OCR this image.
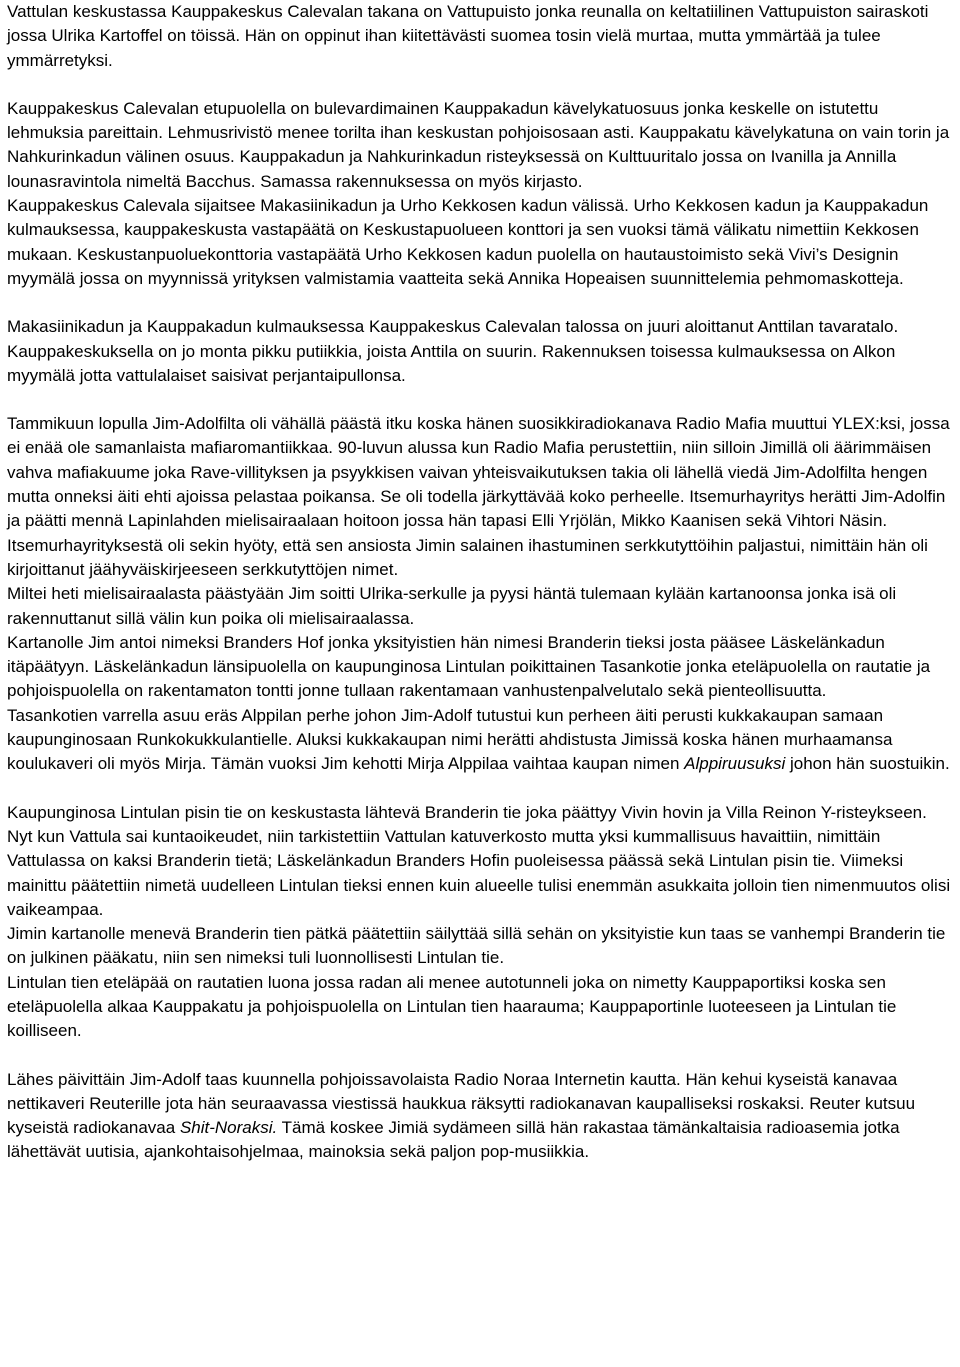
Vattulan keskustassa Kauppakeskus Calevalan takana on Vattupuisto jonka reunalla on keltatiilinen Vattupuiston sairaskoti jossa Ulrika Kartoffel on töissä. Hän on oppinut ihan kiitettävästi suomea tosin vielä murtaa, mutta ymmärtää ja tulee ymmärretyksi.

Kauppakeskus Calevalan etupuolella on bulevardimainen Kauppakadun kävelykatuosuus jonka keskelle on istutettu lehmuksia pareittain. Lehmusrivistö menee torilta ihan keskustan pohjoisosaan asti. Kauppakatu kävelykatuna on vain torin ja Nahkurinkadun välinen osuus. Kauppakadun ja Nahkurinkadun risteyksessä on Kulttuuritalo jossa on Ivanilla ja Annilla lounasravintola nimeltä Bacchus. Samassa rakennuksessa on myös kirjasto.

Kauppakeskus Calevala sijaitsee Makasiinikadun ja Urho Kekkosen kadun välissä. Urho Kekkosen kadun ja Kauppakadun kulmauksessa, kauppakeskusta vastapäätä on Keskustapuolueen konttori ja sen vuoksi tämä välikatu nimettiin Kekkosen mukaan. Keskustanpuoluekonttoria vastapäätä Urho Kekkosen kadun puolella on hautaustoimisto sekä Vivi’s Designin myymälä jossa on myynnissä yrityksen valmistamia vaatteita sekä Annika Hopeaisen suunnittelemia pehmomaskotteja.

Makasiinikadun ja Kauppakadun kulmauksessa Kauppakeskus Calevalan talossa on juuri aloittanut Anttilan tavaratalo. Kauppakeskuksella on jo monta pikku putiikkia, joista Anttila on suurin. Rakennuksen toisessa kulmauksessa on Alkon myymälä jotta vattulalaiset saisivat perjantaipullonsa.

Tammikuun lopulla Jim-Adolfilta oli vähällä päästä itku koska hänen suosikkiradiokanava Radio Mafia muuttui YLEX:ksi, jossa ei enää ole samanlaista mafiaromantiikkaa. 90-luvun alussa kun Radio Mafia perustettiin, niin silloin Jimillä oli äärimmäisen vahva mafiakuume joka Rave-villityksen ja psyykkisen vaivan yhteisvaikutuksen takia oli lähellä viedä Jim-Adolfilta hengen mutta onneksi äiti ehti ajoissa pelastaa poikansa. Se oli todella järkyttävää koko perheelle. Itsemurhayritys herätti Jim-Adolfin ja päätti mennä Lapinlahden mielisairaalaan hoitoon jossa hän tapasi Elli Yrjölän, Mikko Kaanisen sekä Vihtori Näsin.

Itsemurhayrityksestä oli sekin hyöty, että sen ansiosta Jimin salainen ihastuminen serkkutyttöihin paljastui, nimittäin hän oli kirjoittanut jäähyväiskirjeeseen serkkutyttöjen nimet.

Miltei heti mielisairaalasta päästyään Jim soitti Ulrika-serkulle ja pyysi häntä tulemaan kylään kartanoonsa jonka isä oli rakennuttanut sillä välin kun poika oli mielisairaalassa.

Kartanolle Jim antoi nimeksi Branders Hof jonka yksityistien hän nimesi Branderin tieksi josta pääsee Läskelänkadun itäpäätyyn. Läskelänkadun länsipuolella on kaupunginosa Lintulan poikittainen Tasankotie jonka eteläpuolella on rautatie ja pohjoispuolella on rakentamaton tontti jonne tullaan rakentamaan vanhustenpalvelutalo sekä pienteollisuutta.

Tasankotien varrella asuu eräs Alppilan perhe johon Jim-Adolf tutustui kun perheen äiti perusti kukkakaupan samaan kaupunginosaan Runkokukkulantielle. Aluksi kukkakaupan nimi herätti ahdistusta Jimissä koska hänen murhaamansa koulukaveri oli myös Mirja. Tämän vuoksi Jim kehotti Mirja Alppilaa vaihtaa kaupan nimen Alppiruusuksi johon hän suostuikin.

Kaupunginosa Lintulan pisin tie on keskustasta lähtevä Branderin tie joka päättyy Vivin hovin ja Villa Reinon Y-risteykseen.

Nyt kun Vattula sai kuntaoikeudet, niin tarkistettiin Vattulan katuverkosto mutta yksi kummallisuus havaittiin, nimittäin Vattulassa on kaksi Branderin tietä; Läskelänkadun Branders Hofin puoleisessa päässä sekä Lintulan pisin tie. Viimeksi mainittu päätettiin nimetä uudelleen Lintulan tieksi ennen kuin alueelle tulisi enemmän asukkaita jolloin tien nimenmuutos olisi vaikeampaa.

Jimin kartanolle menevä Branderin tien pätkä päätettiin säilyttää sillä sehän on yksityistie kun taas se vanhempi Branderin tie on julkinen pääkatu, niin sen nimeksi tuli luonnollisesti Lintulan tie.

Lintulan tien eteläpää on rautatien luona jossa radan ali menee autotunneli joka on nimetty Kauppaportiksi koska sen eteläpuolella alkaa Kauppakatu ja pohjoispuolella on Lintulan tien haarauma; Kauppaportinle luoteeseen ja Lintulan tie koilliseen.

Lähes päivittäin Jim-Adolf taas kuunnella pohjoissavolaista Radio Noraa Internetin kautta. Hän kehui kyseistä kanavaa nettikaveri Reuterille jota hän seuraavassa viestissä haukkua räksytti radiokanavan kaupalliseksi roskaksi. Reuter kutsuu kyseistä radiokanavaa Shit-Noraksi. Tämä koskee Jimiä sydämeen sillä hän rakastaa tämänkaltaisia radioasemia jotka lähettävät uutisia, ajankohtaisohjelmaa, mainoksia sekä paljon pop-musiikkia.
